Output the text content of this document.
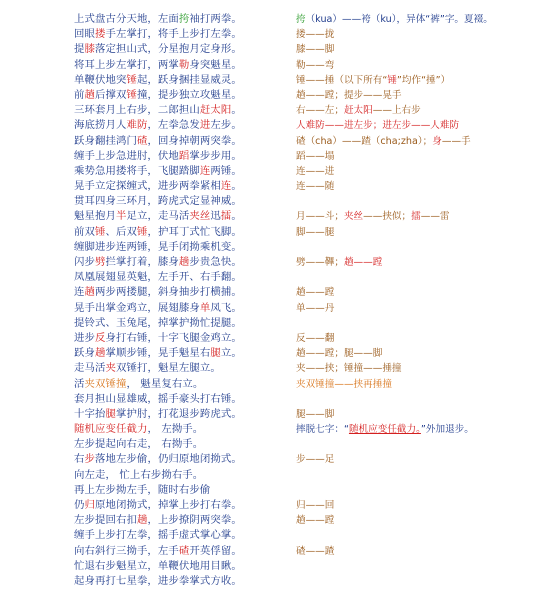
上式盘古分天地，左面挎袖打两拳。
回眼搂手左掌打，将手上步打左拳。
提膝落定担山式，分星抱月定身形。
将耳上步左掌打，两掌勒身突魁星。
单鞭伏地突锤起，跃身捆挂显威灵。
前趟后撑双锤撞，提步独立攻魁星。
三环套月上右步，二郎担山赶太阳。
海底捞月人难防，左拳急发进左步。
跃身翻挂鸿门碴，回身掉朝两突拳。
缠手上步急进肘，伏地蹈掌步步用。
乘势急用搂将手，飞腿踏脚连两锤。
晃手立定探缠式，进步两拳紧相连。
贯耳四身三环月，跨虎式定显神威。
魁星抱月半足立，走马活夹丝迅擂。
前双锤、后双锤，护耳丁式忙飞脚。
缠脚进步连两锤，晃手闭拗乘机变。
闪步劈拦掌打着，膝身趟步贵急快。
凤凰展翅显英魁，左手开、右手翻。
连趟两步两搂腿，斜身抽步打横捕。
晃手出掌金鸡立，展翅膝身单凤飞。
提铃式、玉兔尾，掉掌护拗忙提腿。
进步反身打右锤，十字飞腿金鸡立。
跃身趟掌顺步锤，晃手魁星右腿立。
走马活夹双锤打，魁星左腿立。
活夹双锤撞， 魁星复右立。
套月担山显雄威，摇手豪头打右锤。
十字抬腿掌护肘，打花退步跨虎式。
随机应变任截力， 左拗手。
左步提起向右走， 右拗手。
右步落地左步偷，仍归原地闭拗式。
向左走， 忙上右步拗右手。
再上左步拗左手，随时右步偷
仍归原地闭拗式，掉掌上步打右拳。
左步提回右扣趟，上步撩阴两突拳。
缠手上步打左拳，摇手虚式掌心掌。
向右斜行三拗手，左手碴开英俘留。
忙退右步魁星立，单鞭伏地用目瞅。
起身再打七星拳，进步拳掌式方收。
挎（kua）——袴（ku），异体“裤”字。夏裰。
搂——拢
膝——脚
勒——弯
锤——捶（以下所有“锤”均作“捶”）
趟——蹚；提步——晃手
右——左；赶太阳——上右步
人难防——进左步；进左步——人难防
碴（cha）——蹅（cha;zha）；身——手
蹈——塌
连——进
连——随
月——斗；夹丝——挟似；擂——雷
脚——腿
劈——鞸；趟——蹚
趟——蹚
单——丹
反——翻
趟——蹚；腿——脚
夹——挟；锤撞——捶撞
夹双锤撞——挟再捶撞
腿——脚
摔脱七字：“随机应变任截力。”外加退步。
步——足
归——回
趟——蹚
碴——蹅
